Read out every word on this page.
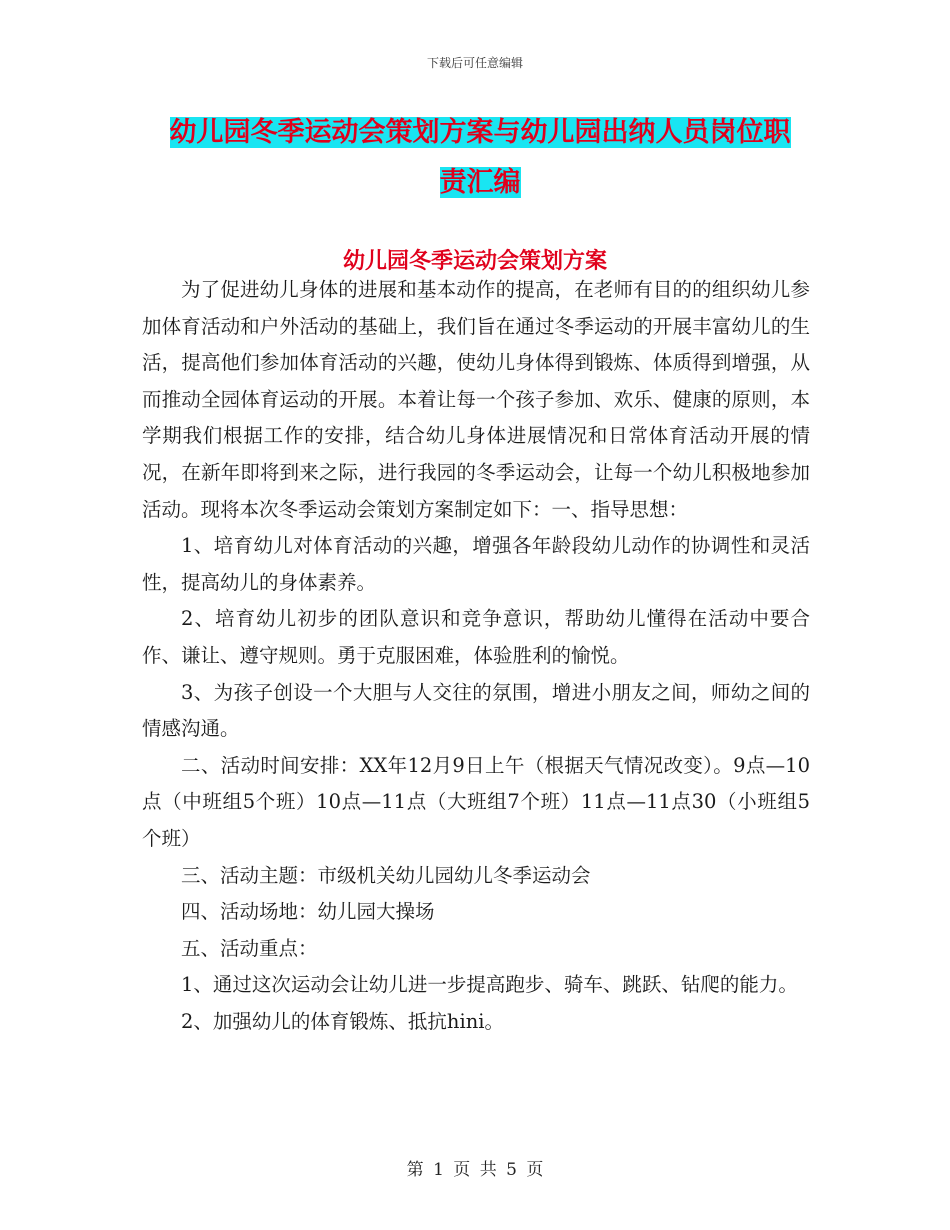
下载后可任意编辑
幼儿园冬季运动会策划方案与幼儿园出纳人员岗位职
责汇编
幼儿园冬季运动会策划方案

为了促进幼儿身体的进展和基本动作的提高，在老师有目的的组织幼儿参加体育活动和户外活动的基础上，我们旨在通过冬季运动的开展丰富幼儿的生活，提高他们参加体育活动的兴趣，使幼儿身体得到锻炼、体质得到增强，从而推动全园体育运动的开展。本着让每一个孩子参加、欢乐、健康的原则，本学期我们根据工作的安排，结合幼儿身体进展情况和日常体育活动开展的情况，在新年即将到来之际，进行我园的冬季运动会，让每一个幼儿积极地参加活动。现将本次冬季运动会策划方案制定如下：一、指导思想：

1、培育幼儿对体育活动的兴趣，增强各年龄段幼儿动作的协调性和灵活性，提高幼儿的身体素养。

2、培育幼儿初步的团队意识和竞争意识，帮助幼儿懂得在活动中要合作、谦让、遵守规则。勇于克服困难，体验胜利的愉悦。

3、为孩子创设一个大胆与人交往的氛围，增进小朋友之间，师幼之间的情感沟通。

二、活动时间安排：XX年12月9日上午（根据天气情况改变）。9点—10点（中班组5个班）10点—11点（大班组7个班）11点—11点30（小班组5个班）

三、活动主题：市级机关幼儿园幼儿冬季运动会

四、活动场地：幼儿园大操场

五、活动重点：

1、通过这次运动会让幼儿进一步提高跑步、骑车、跳跃、钻爬的能力。

2、加强幼儿的体育锻炼、抵抗hini。

第 1 页 共 5 页
